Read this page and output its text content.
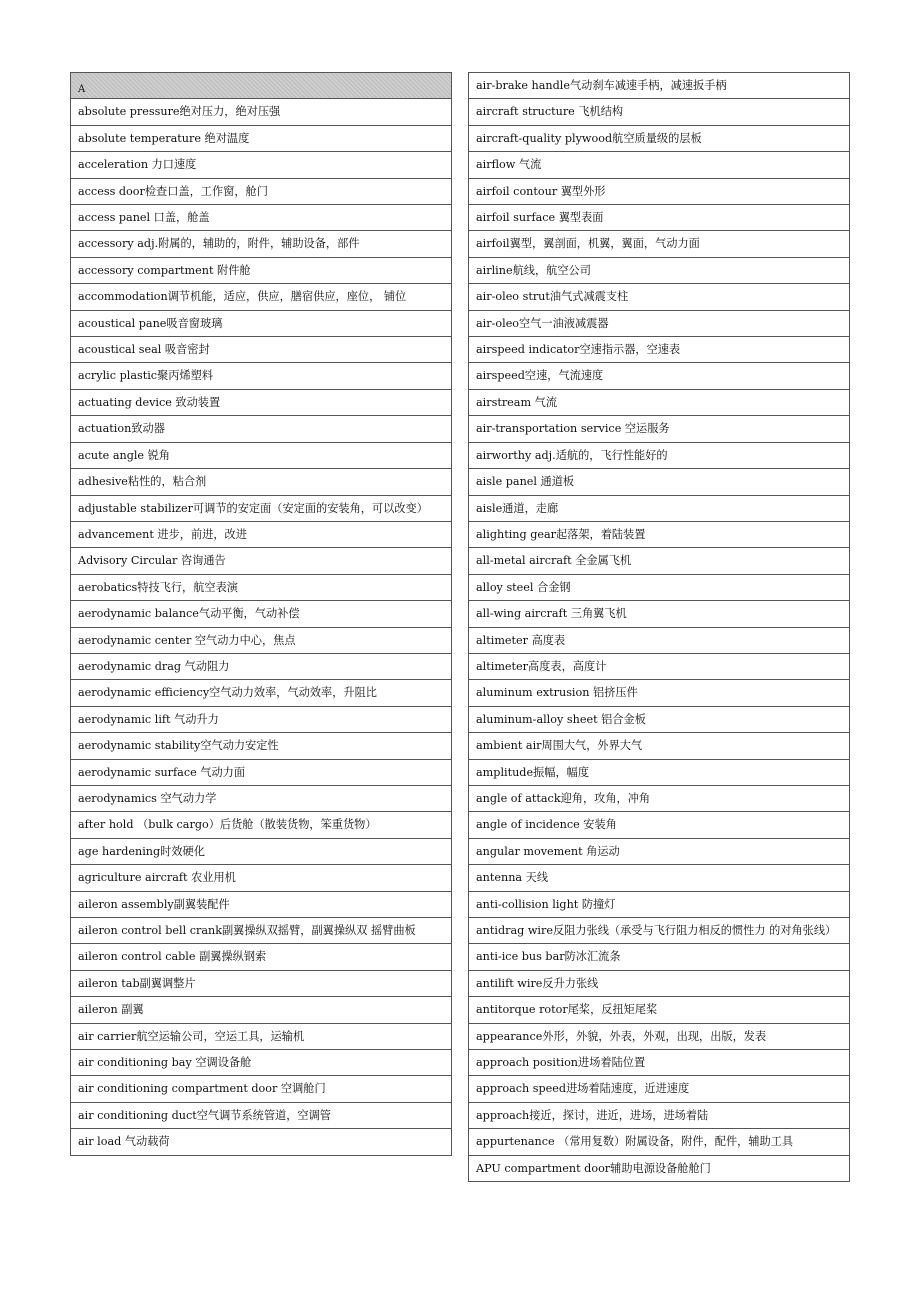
A
absolute pressure绝对压力，绝对压强
absolute temperature 绝对温度
acceleration 力口速度
access door检查口盖，工作窗，舱门
access panel 口盖，舱盖
accessory adj.附属的，辅助的，附件，辅助设备，部件
accessory compartment 附件舱
accommodation调节机能，适应，供应，膳宿供应，座位， 铺位
acoustical pane吸音窗玻璃
acoustical seal 吸音密封
acrylic plastic聚丙烯塑料
actuating device 致动装置
actuation致动器
acute angle 锐角
adhesive粘性的，粘合剂
adjustable stabilizer可调节的安定面（安定面的安装角，可以改变）
advancement 进步，前进，改进
Advisory Circular 咨询通告
aerobatics特技飞行，航空表演
aerodynamic balance气动平衡，气动补偿
aerodynamic center 空气动力中心，焦点
aerodynamic drag 气动阻力
aerodynamic efficiency空气动力效率，气动效率，升阻比
aerodynamic lift 气动升力
aerodynamic stability空气动力安定性
aerodynamic surface 气动力面
aerodynamics 空气动力学
after hold （bulk cargo）后货舱（散装货物，笨重货物）
age hardening时效硬化
agriculture aircraft 农业用机
aileron assembly副翼装配件
aileron control bell crank副翼操纵双摇臂，副翼操纵双 摇臂曲板
aileron control cable 副翼操纵钢索
aileron tab副翼调整片
aileron 副翼
air carrier航空运输公司，空运工具，运输机
air conditioning bay 空调设备舱
air conditioning compartment door 空调舱门
air conditioning duct空气调节系统管道，空调管
air load 气动载荷
air-brake handle气动刹车减速手柄，减速扳手柄
aircraft structure 飞机结构
aircraft-quality plywood航空质量级的层板
airflow 气流
airfoil contour 翼型外形
airfoil surface 翼型表面
airfoil翼型，翼剖面，机翼，翼面，气动力面
airline航线，航空公司
air-oleo strut油气式减震支柱
air-oleo空气一油液减震器
airspeed indicator空速指示器，空速表
airspeed空速，气流速度
airstream 气流
air-transportation service 空运服务
airworthy adj.适航的，飞行性能好的
aisle panel 通道板
aisle通道，走廊
alighting gear起落架，着陆装置
all-metal aircraft 全金属飞机
alloy steel 合金钢
all-wing aircraft 三角翼飞机
altimeter 高度表
altimeter高度表，高度计
aluminum extrusion 铝挤压件
aluminum-alloy sheet 铝合金板
ambient air周围大气，外界大气
amplitude振幅，幅度
angle of attack迎角，攻角，冲角
angle of incidence 安装角
angular movement 角运动
antenna 天线
anti-collision light 防撞灯
antidrag wire反阻力张线（承受与飞行阻力相反的惯性力 的对角张线）
anti-ice bus bar防冰汇流条
antilift wire反升力张线
antitorque rotor尾桨，反扭矩尾桨
appearance外形，外貌，外表，外观，出现，出版，发表
approach position进场着陆位置
approach speed进场着陆速度，近进速度
approach接近，探讨，进近，进场，进场着陆
appurtenance （常用复数）附属设备，附件，配件，辅助工具
APU compartment door辅助电源设备舱舱门
